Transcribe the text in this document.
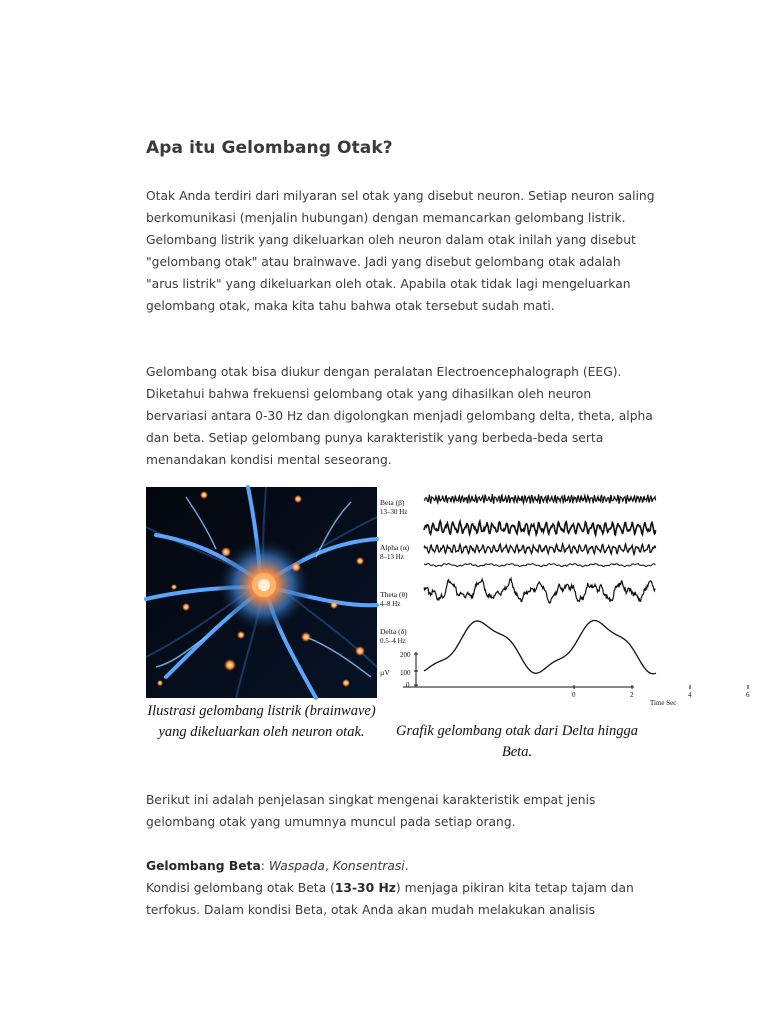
Apa itu Gelombang Otak?

Otak Anda terdiri dari milyaran sel otak yang disebut neuron. Setiap neuron saling berkomunikasi (menjalin hubungan) dengan memancarkan gelombang listrik. Gelombang listrik yang dikeluarkan oleh neuron dalam otak inilah yang disebut "gelombang otak" atau brainwave. Jadi yang disebut gelombang otak adalah "arus listrik" yang dikeluarkan oleh otak. Apabila otak tidak lagi mengeluarkan gelombang otak, maka kita tahu bahwa otak tersebut sudah mati.

Gelombang otak bisa diukur dengan peralatan Electroencephalograph (EEG). Diketahui bahwa frekuensi gelombang otak yang dihasilkan oleh neuron bervariasi antara 0-30 Hz dan digolongkan menjadi gelombang delta, theta, alpha dan beta. Setiap gelombang punya karakteristik yang berbeda-beda serta menandakan kondisi mental seseorang.

Ilustrasi gelombang listrik (brainwave) yang dikeluarkan oleh neuron otak.
Beta (β)
13–30 Hz
Alpha (α)
8–13 Hz
Theta (θ)
4–8 Hz
Delta (δ)
0.5–4 Hz
200
µV 100
0
0	2	4	6
Time Sec
Grafik gelombang otak dari Delta hingga Beta.

Berikut ini adalah penjelasan singkat mengenai karakteristik empat jenis gelombang otak yang umumnya muncul pada setiap orang.

Gelombang Beta: Waspada, Konsentrasi.
Kondisi gelombang otak Beta (13-30 Hz) menjaga pikiran kita tetap tajam dan terfokus. Dalam kondisi Beta, otak Anda akan mudah melakukan analisis
